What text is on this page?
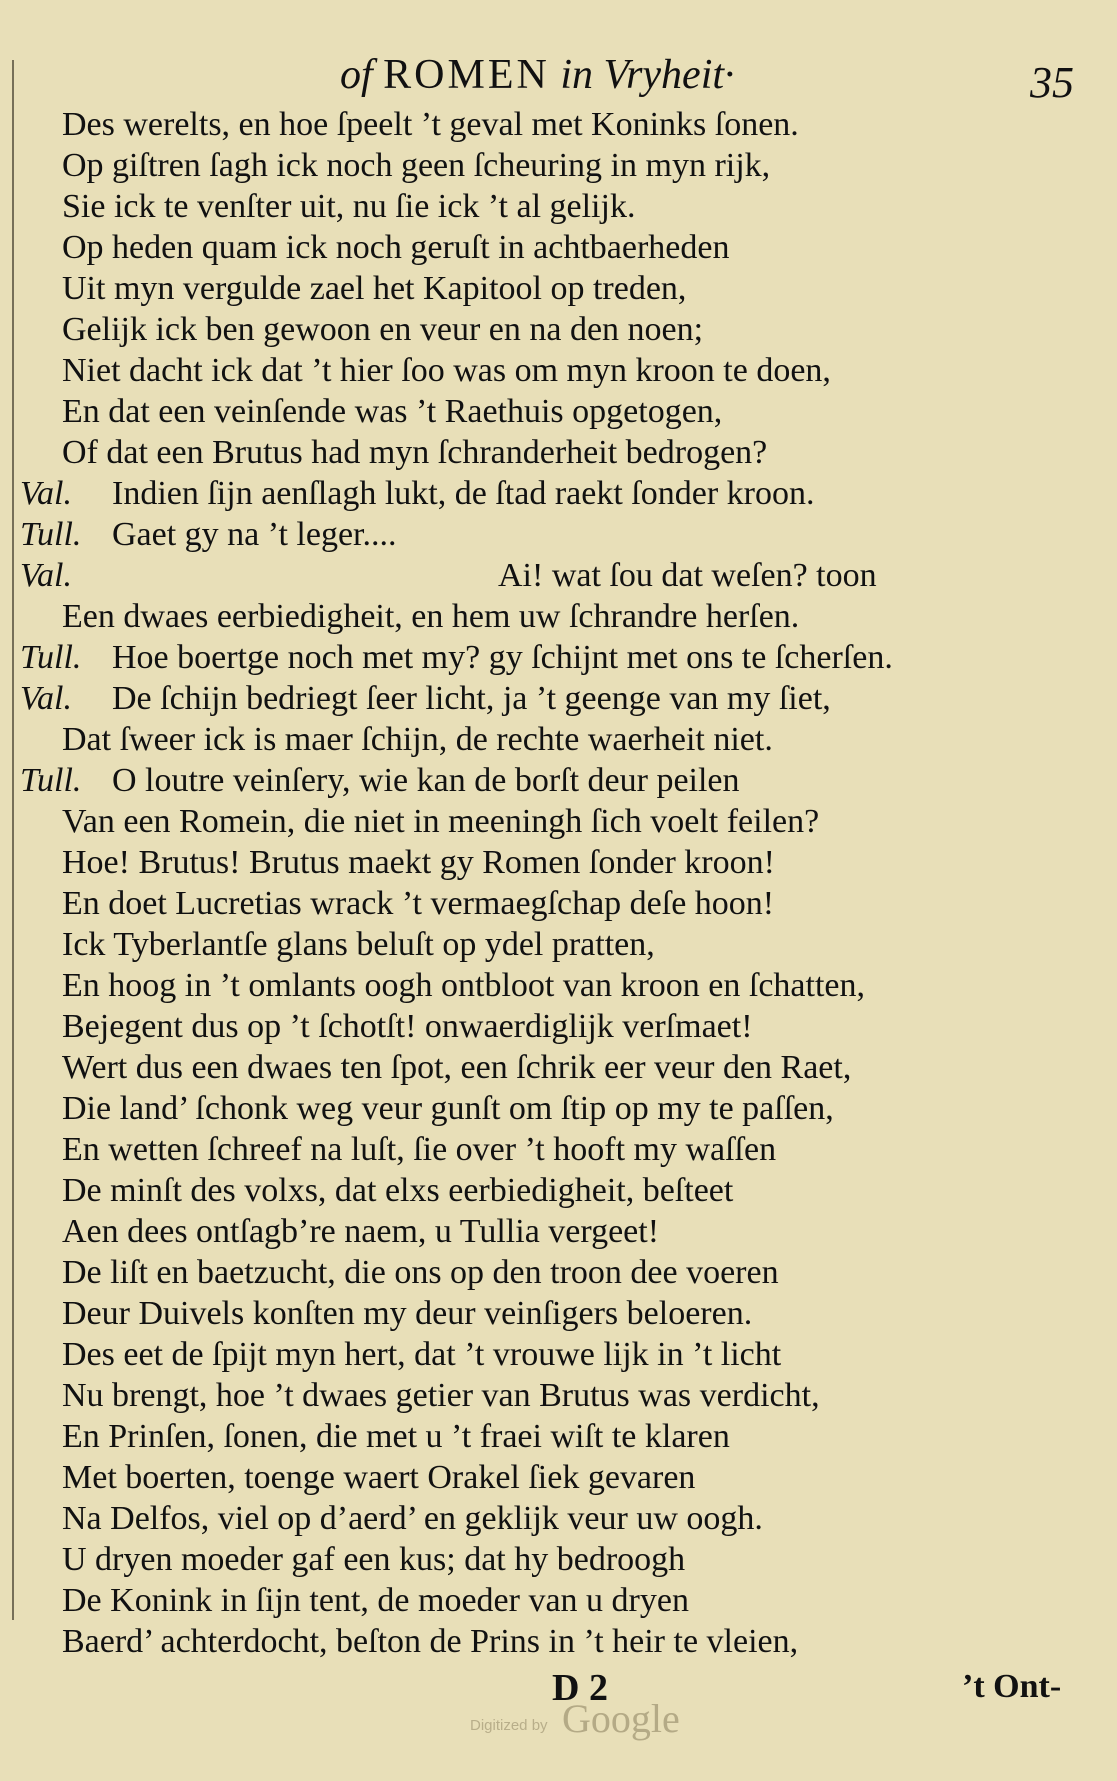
of ROMEN in Vryheit·	35
Des werelts, en hoe ſpeelt ’t geval met Koninks ſonen.
Op giſtren ſagh ick noch geen ſcheuring in myn rijk,
Sie ick te venſter uit, nu ſie ick ’t al gelijk.
Op heden quam ick noch geruſt in achtbaerheden
Uit myn vergulde zael het Kapitool op treden,
Gelijk ick ben gewoon en veur en na den noen;
Niet dacht ick dat ’t hier ſoo was om myn kroon te doen,
En dat een veinſende was ’t Raethuis opgetogen,
Of dat een Brutus had myn ſchranderheit bedrogen?
Val. Indien ſijn aenſlagh lukt, de ſtad raekt ſonder kroon.
Tull. Gaet gy na ’t leger....
Val.	Ai! wat ſou dat weſen? toon
Een dwaes eerbiedigheit, en hem uw ſchrandre herſen.
Tull. Hoe boertge noch met my? gy ſchijnt met ons te ſcherſen.
Val. De ſchijn bedriegt ſeer licht, ja ’t geenge van my ſiet,
Dat ſweer ick is maer ſchijn, de rechte waerheit niet.
Tull. O loutre veinſery, wie kan de borſt deur peilen
Van een Romein, die niet in meeningh ſich voelt feilen?
Hoe! Brutus! Brutus maekt gy Romen ſonder kroon!
En doet Lucretias wrack ’t vermaegſchap deſe hoon!
Ick Tyberlantſe glans beluſt op ydel pratten,
En hoog in ’t omlants oogh ontbloot van kroon en ſchatten,
Bejegent dus op ’t ſchotſt! onwaerdiglijk verſmaet!
Wert dus een dwaes ten ſpot, een ſchrik eer veur den Raet,
Die land’ ſchonk weg veur gunſt om ſtip op my te paſſen,
En wetten ſchreef na luſt, ſie over ’t hooft my waſſen
De minſt des volxs, dat elxs eerbiedigheit, beſteet
Aen dees ontſagb’re naem, u Tullia vergeet!
De liſt en baetzucht, die ons op den troon dee voeren
Deur Duivels konſten my deur veinſigers beloeren.
Des eet de ſpijt myn hert, dat ’t vrouwe lijk in ’t licht
Nu brengt, hoe ’t dwaes getier van Brutus was verdicht,
En Prinſen, ſonen, die met u ’t fraei wiſt te klaren
Met boerten, toenge waert Orakel ſiek gevaren
Na Delfos, viel op d’aerd’ en geklijk veur uw oogh.
U dryen moeder gaf een kus; dat hy bedroogh
De Konink in ſijn tent, de moeder van u dryen
Baerd’ achterdocht, beſton de Prins in ’t heir te vleien,
D 2	’t Ont-
Digitized by Google
